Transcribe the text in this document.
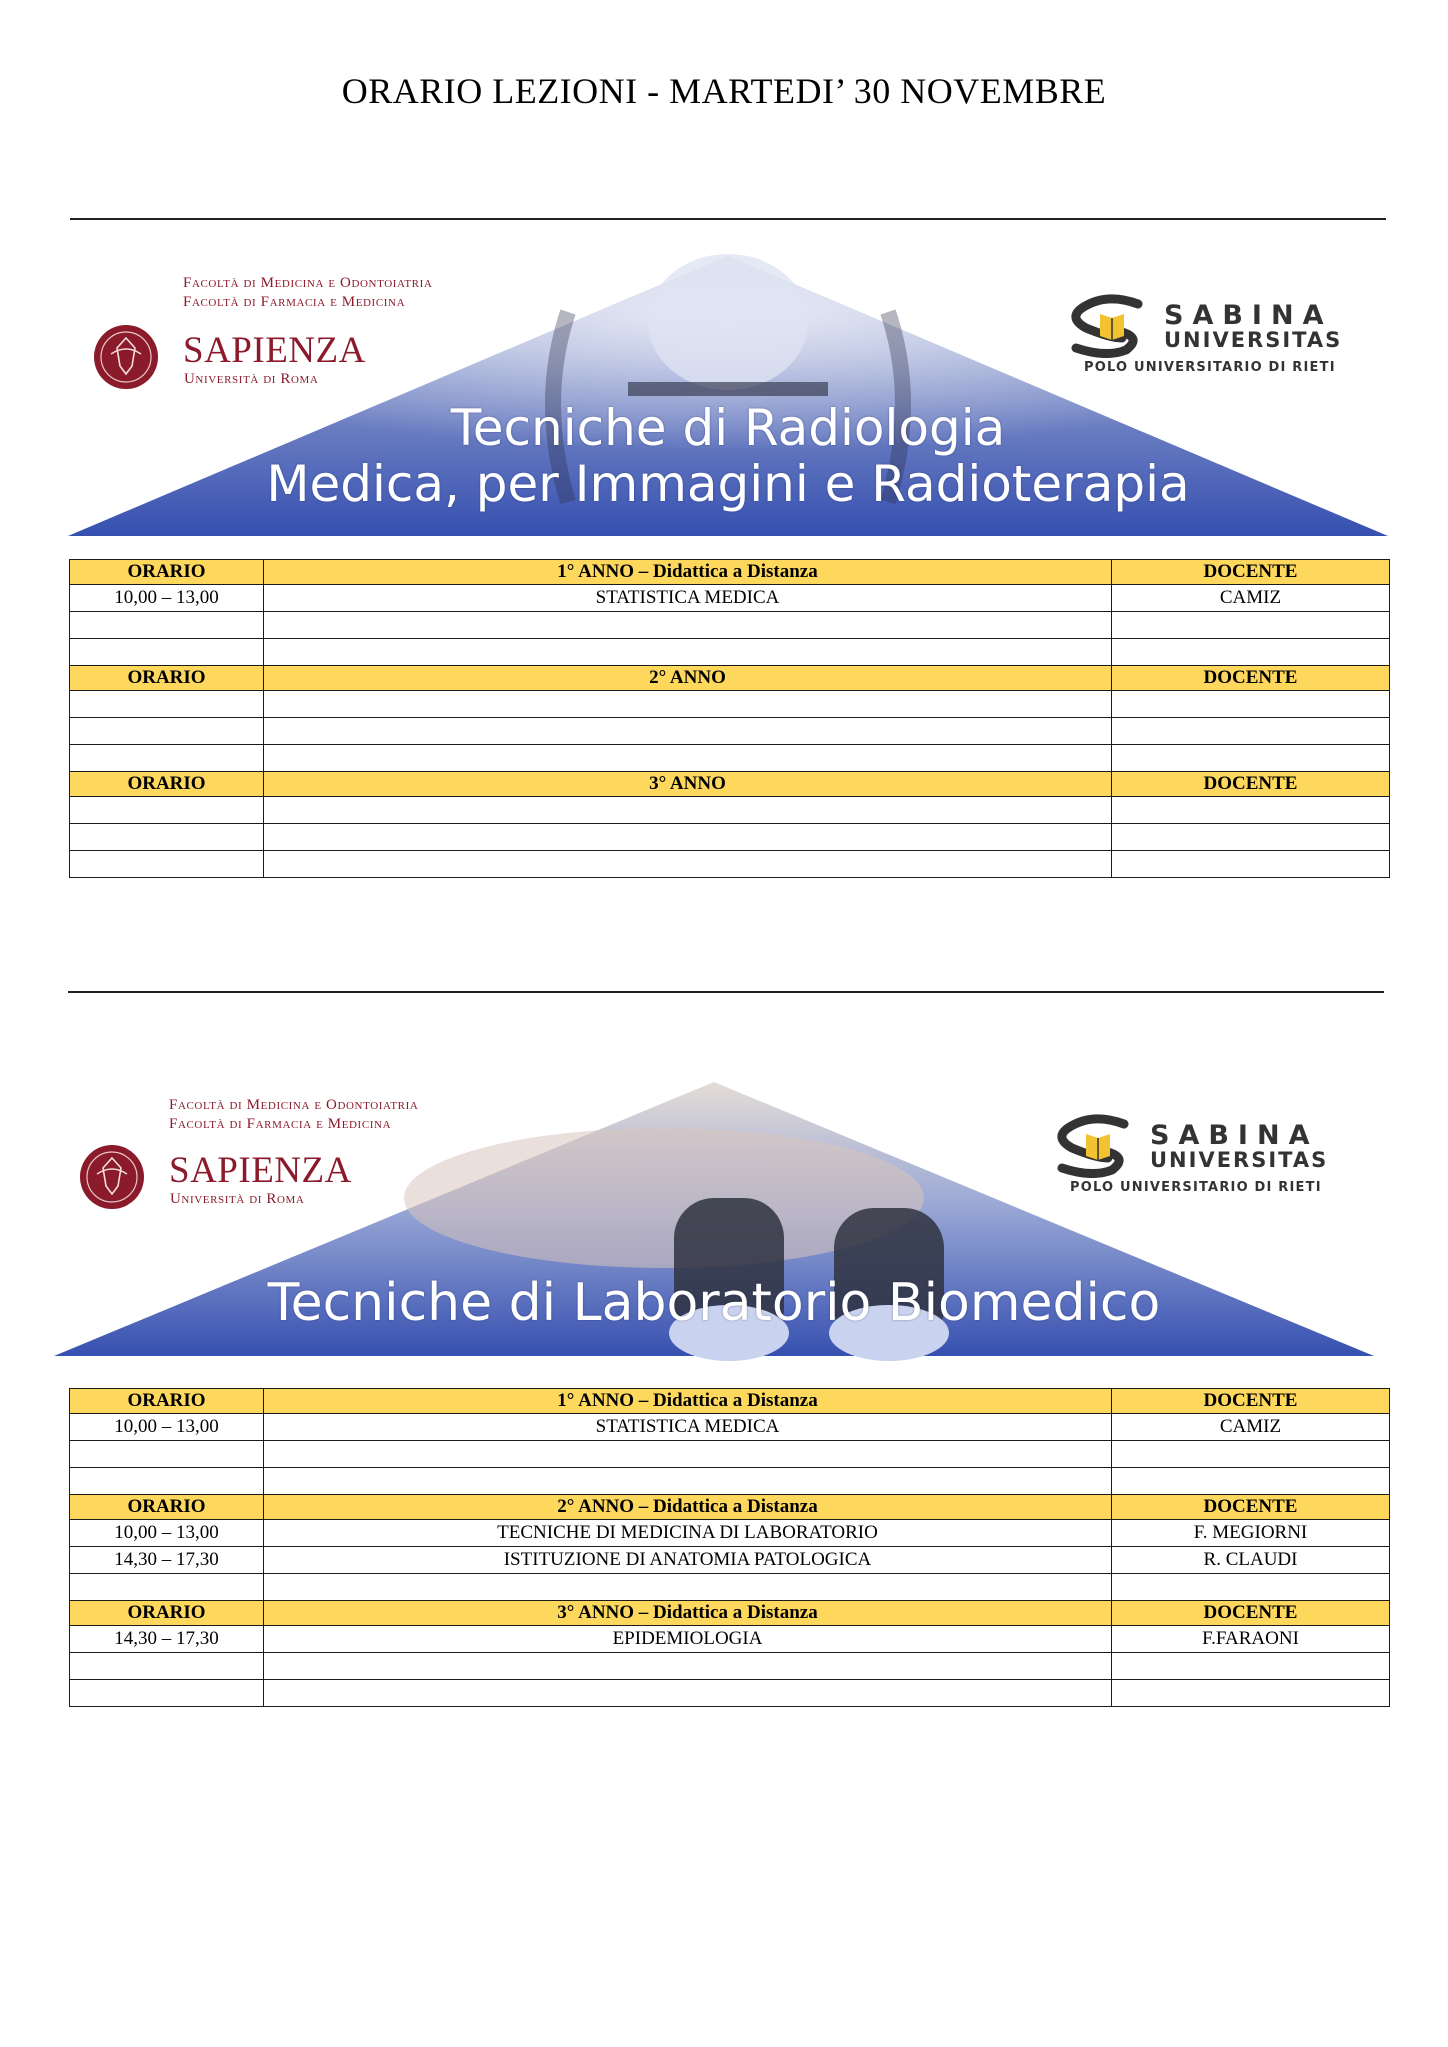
ORARIO LEZIONI - MARTEDI’ 30 NOVEMBRE
Facoltà di Medicina e Odontoiatria
Facoltà di Farmacia e Medicina
SAPIENZA
Università di Roma
SABINA
UNIVERSITAS
POLO UNIVERSITARIO DI RIETI
Tecniche di Radiologia
Medica, per Immagini e Radioterapia
ORARIO	1° ANNO – Didattica a Distanza	DOCENTE
10,00 – 13,00	STATISTICA MEDICA	CAMIZ

ORARIO	2° ANNO	DOCENTE

ORARIO	3° ANNO	DOCENTE

Facoltà di Medicina e Odontoiatria
Facoltà di Farmacia e Medicina
SAPIENZA
Università di Roma
SABINA
UNIVERSITAS
POLO UNIVERSITARIO DI RIETI
Tecniche di Laboratorio Biomedico
ORARIO	1° ANNO – Didattica a Distanza	DOCENTE
10,00 – 13,00	STATISTICA MEDICA	CAMIZ

ORARIO	2° ANNO – Didattica a Distanza	DOCENTE
10,00 – 13,00	TECNICHE DI MEDICINA DI LABORATORIO	F. MEGIORNI
14,30 – 17,30	ISTITUZIONE DI ANATOMIA PATOLOGICA	R. CLAUDI

ORARIO	3° ANNO – Didattica a Distanza	DOCENTE
14,30 – 17,30	EPIDEMIOLOGIA	F.FARAONI
